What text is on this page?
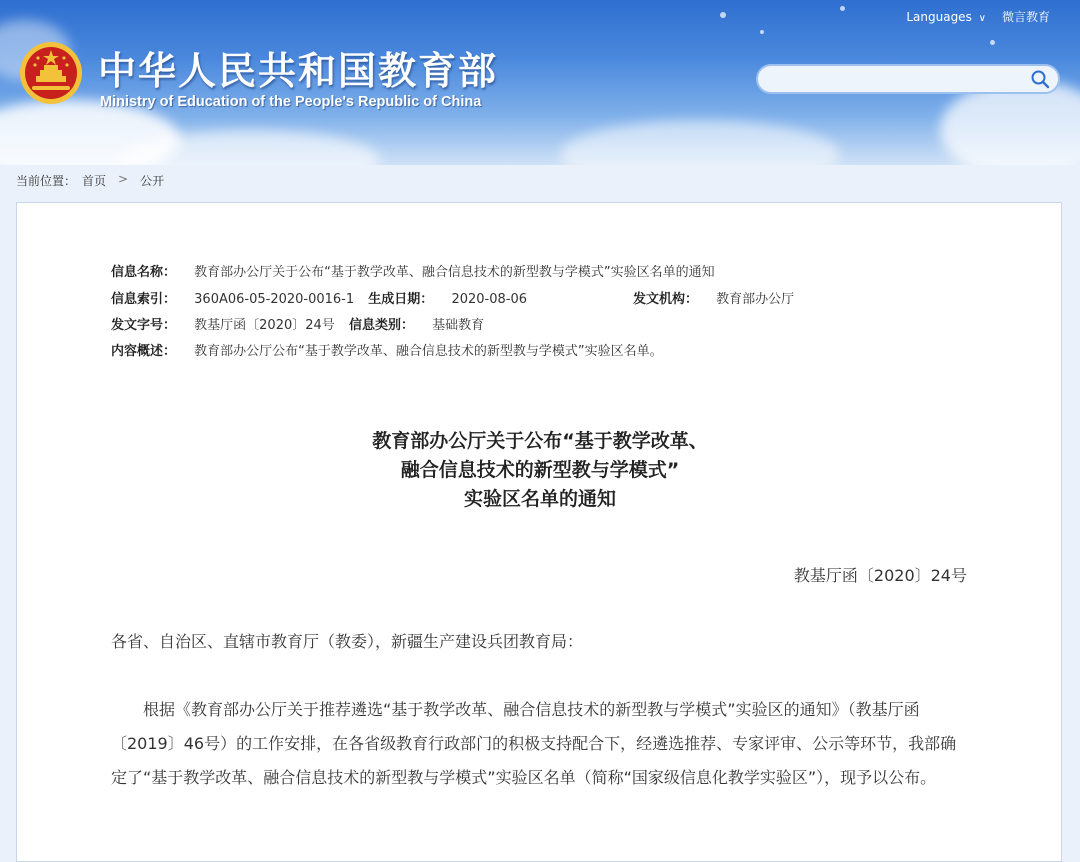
中华人民共和国教育部
Ministry of Education of the People's Republic of China
Languages ∨ 微言教育
当前位置： 首页 > 公开
信息名称： 教育部办公厅关于公布“基于教学改革、融合信息技术的新型教与学模式”实验区名单的通知
信息索引： 360A06-05-2020-0016-1 生成日期： 2020-08-06	发文机构： 教育部办公厅
发文字号： 教基厅函〔2020〕24号 信息类别： 基础教育
内容概述： 教育部办公厅公布“基于教学改革、融合信息技术的新型教与学模式”实验区名单。
教育部办公厅关于公布“基于教学改革、
融合信息技术的新型教与学模式”
实验区名单的通知
教基厅函〔2020〕24号

各省、自治区、直辖市教育厅（教委），新疆生产建设兵团教育局：

根据《教育部办公厅关于推荐遴选“基于教学改革、融合信息技术的新型教与学模式”实验区的通知》（教基厅函〔2019〕46号）的工作安排，在各省级教育行政部门的积极支持配合下，经遴选推荐、专家评审、公示等环节，我部确定了“基于教学改革、融合信息技术的新型教与学模式”实验区名单（简称“国家级信息化教学实验区”），现予以公布。
